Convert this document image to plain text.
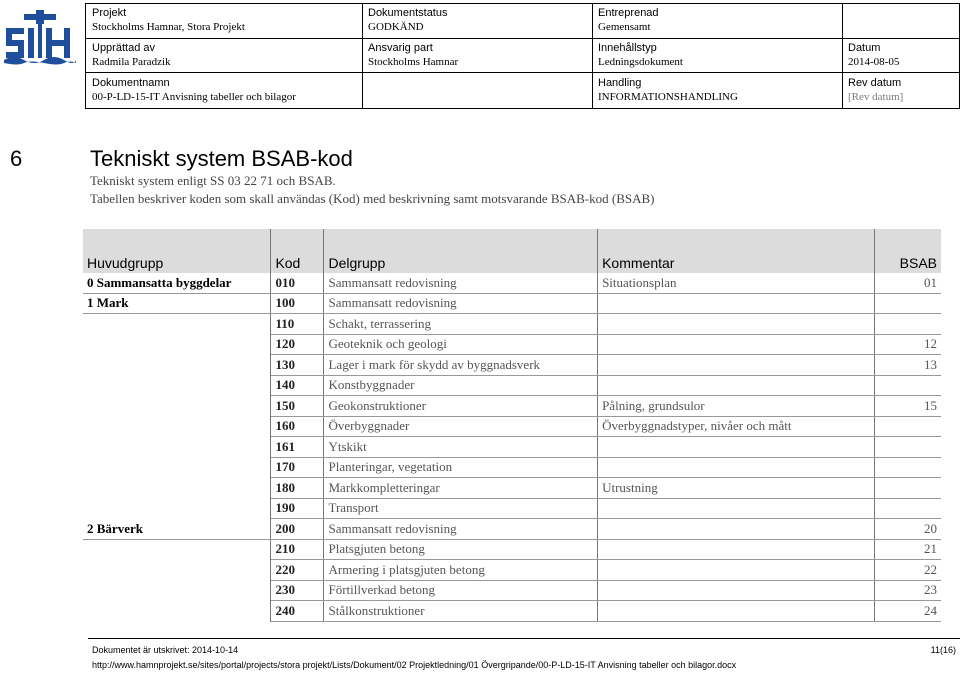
Projekt
Stockholms Hamnar, Stora Projekt
Dokumentstatus
GODKÄND
Entreprenad
Gemensamt
Upprättad av
Radmila Paradzik
Ansvarig part
Stockholms Hamnar
Innehållstyp
Ledningsdokument
Datum
2014-08-05
Dokumentnamn
00-P-LD-15-IT Anvisning tabeller och bilagor
Handling
INFORMATIONSHANDLING
Rev datum
[Rev datum]
6	Tekniskt system BSAB-kod
Tekniskt system enligt SS 03 22 71 och BSAB.
Tabellen beskriver koden som skall användas (Kod) med beskrivning samt motsvarande BSAB-kod (BSAB)
Huvudgrupp	Kod	Delgrupp	Kommentar	BSAB
0 Sammansatta byggdelar	010	Sammansatt redovisning	Situationsplan	01
1 Mark	100	Sammansatt redovisning		
	110	Schakt, terrassering		
	120	Geoteknik och geologi		12
	130	Lager i mark för skydd av byggnadsverk		13
	140	Konstbyggnader		
	150	Geokonstruktioner	Pålning, grundsulor	15
	160	Överbyggnader	Överbyggnadstyper, nivåer och mått	
	161	Ytskikt		
	170	Planteringar, vegetation		
	180	Markkompletteringar	Utrustning	
	190	Transport		
2 Bärverk	200	Sammansatt redovisning		20
	210	Platsgjuten betong		21
	220	Armering i platsgjuten betong		22
	230	Förtillverkad betong		23
	240	Stålkonstruktioner		24
Dokumentet är utskrivet: 2014-10-14	11(16)
http://www.hamnprojekt.se/sites/portal/projects/stora projekt/Lists/Dokument/02 Projektledning/01 Övergripande/00-P-LD-15-IT Anvisning tabeller och bilagor.docx
